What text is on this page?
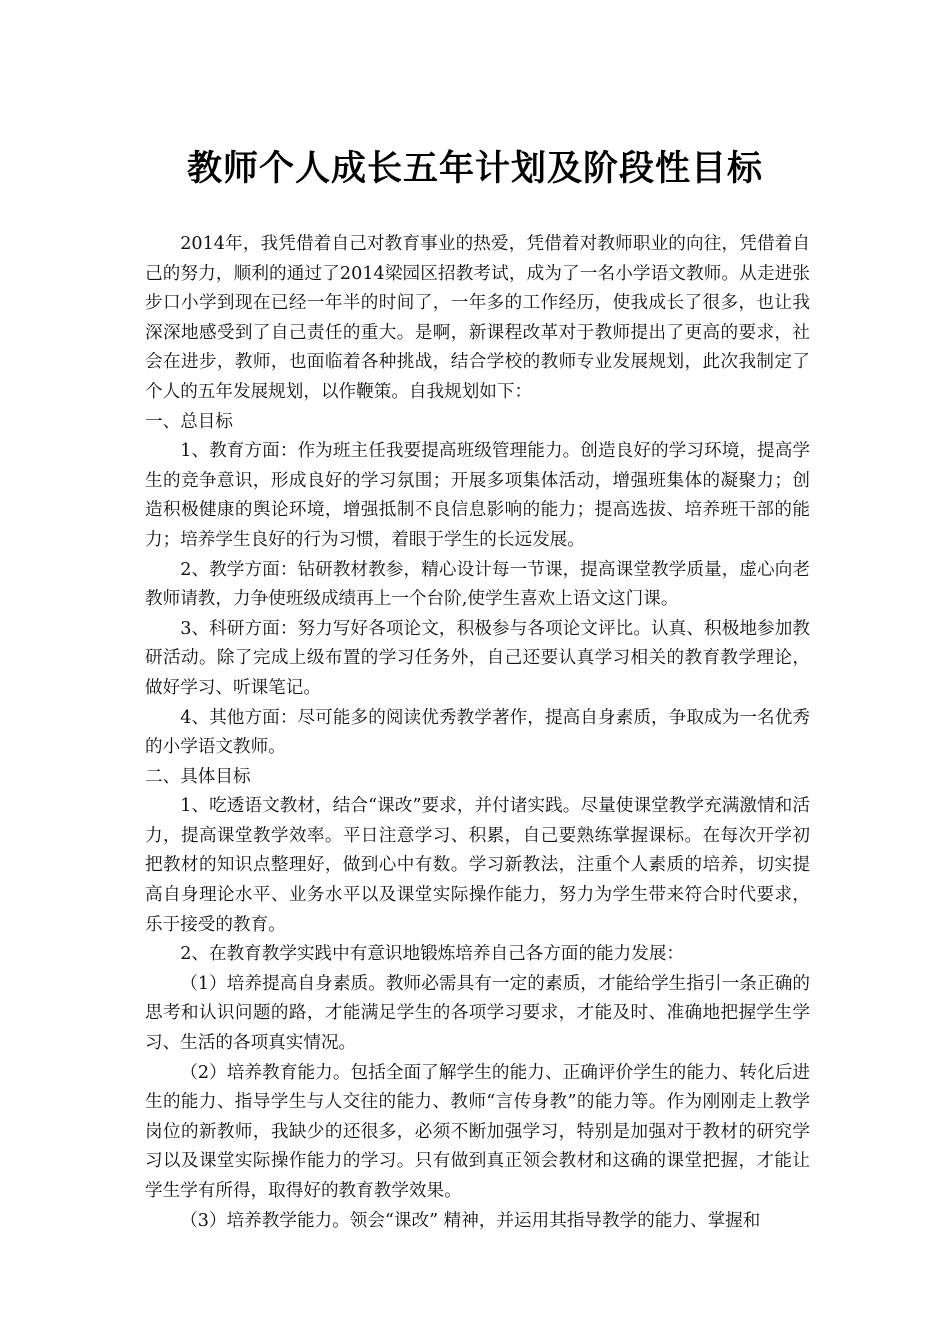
教师个人成长五年计划及阶段性目标

2014年，我凭借着自己对教育事业的热爱，凭借着对教师职业的向往，凭借着自己的努力，顺利的通过了2014梁园区招教考试，成为了一名小学语文教师。从走进张步口小学到现在已经一年半的时间了，一年多的工作经历，使我成长了很多，也让我深深地感受到了自己责任的重大。是啊，新课程改革对于教师提出了更高的要求，社会在进步，教师，也面临着各种挑战，结合学校的教师专业发展规划，此次我制定了个人的五年发展规划，以作鞭策。自我规划如下：

一、总目标

1、教育方面：作为班主任我要提高班级管理能力。创造良好的学习环境，提高学生的竞争意识，形成良好的学习氛围；开展多项集体活动，增强班集体的凝聚力；创造积极健康的舆论环境，增强抵制不良信息影响的能力；提高选拔、培养班干部的能力；培养学生良好的行为习惯，着眼于学生的长远发展。

2、教学方面：钻研教材教参，精心设计每一节课，提高课堂教学质量，虚心向老教师请教，力争使班级成绩再上一个台阶,使学生喜欢上语文这门课。

3、科研方面：努力写好各项论文，积极参与各项论文评比。认真、积极地参加教研活动。除了完成上级布置的学习任务外，自己还要认真学习相关的教育教学理论，做好学习、听课笔记。

4、其他方面：尽可能多的阅读优秀教学著作，提高自身素质，争取成为一名优秀的小学语文教师。

二、具体目标

1、吃透语文教材，结合“课改”要求，并付诸实践。尽量使课堂教学充满激情和活力，提高课堂教学效率。平日注意学习、积累，自己要熟练掌握课标。在每次开学初把教材的知识点整理好，做到心中有数。学习新教法，注重个人素质的培养，切实提高自身理论水平、业务水平以及课堂实际操作能力，努力为学生带来符合时代要求，乐于接受的教育。

2、在教育教学实践中有意识地锻炼培养自己各方面的能力发展：

（1）培养提高自身素质。教师必需具有一定的素质，才能给学生指引一条正确的思考和认识问题的路，才能满足学生的各项学习要求，才能及时、准确地把握学生学习、生活的各项真实情况。

（2）培养教育能力。包括全面了解学生的能力、正确评价学生的能力、转化后进生的能力、指导学生与人交往的能力、教师“言传身教”的能力等。作为刚刚走上教学岗位的新教师，我缺少的还很多，必须不断加强学习，特别是加强对于教材的研究学习以及课堂实际操作能力的学习。只有做到真正领会教材和这确的课堂把握，才能让学生学有所得，取得好的教育教学效果。

（3）培养教学能力。领会“课改” 精神，并运用其指导教学的能力、掌握和
